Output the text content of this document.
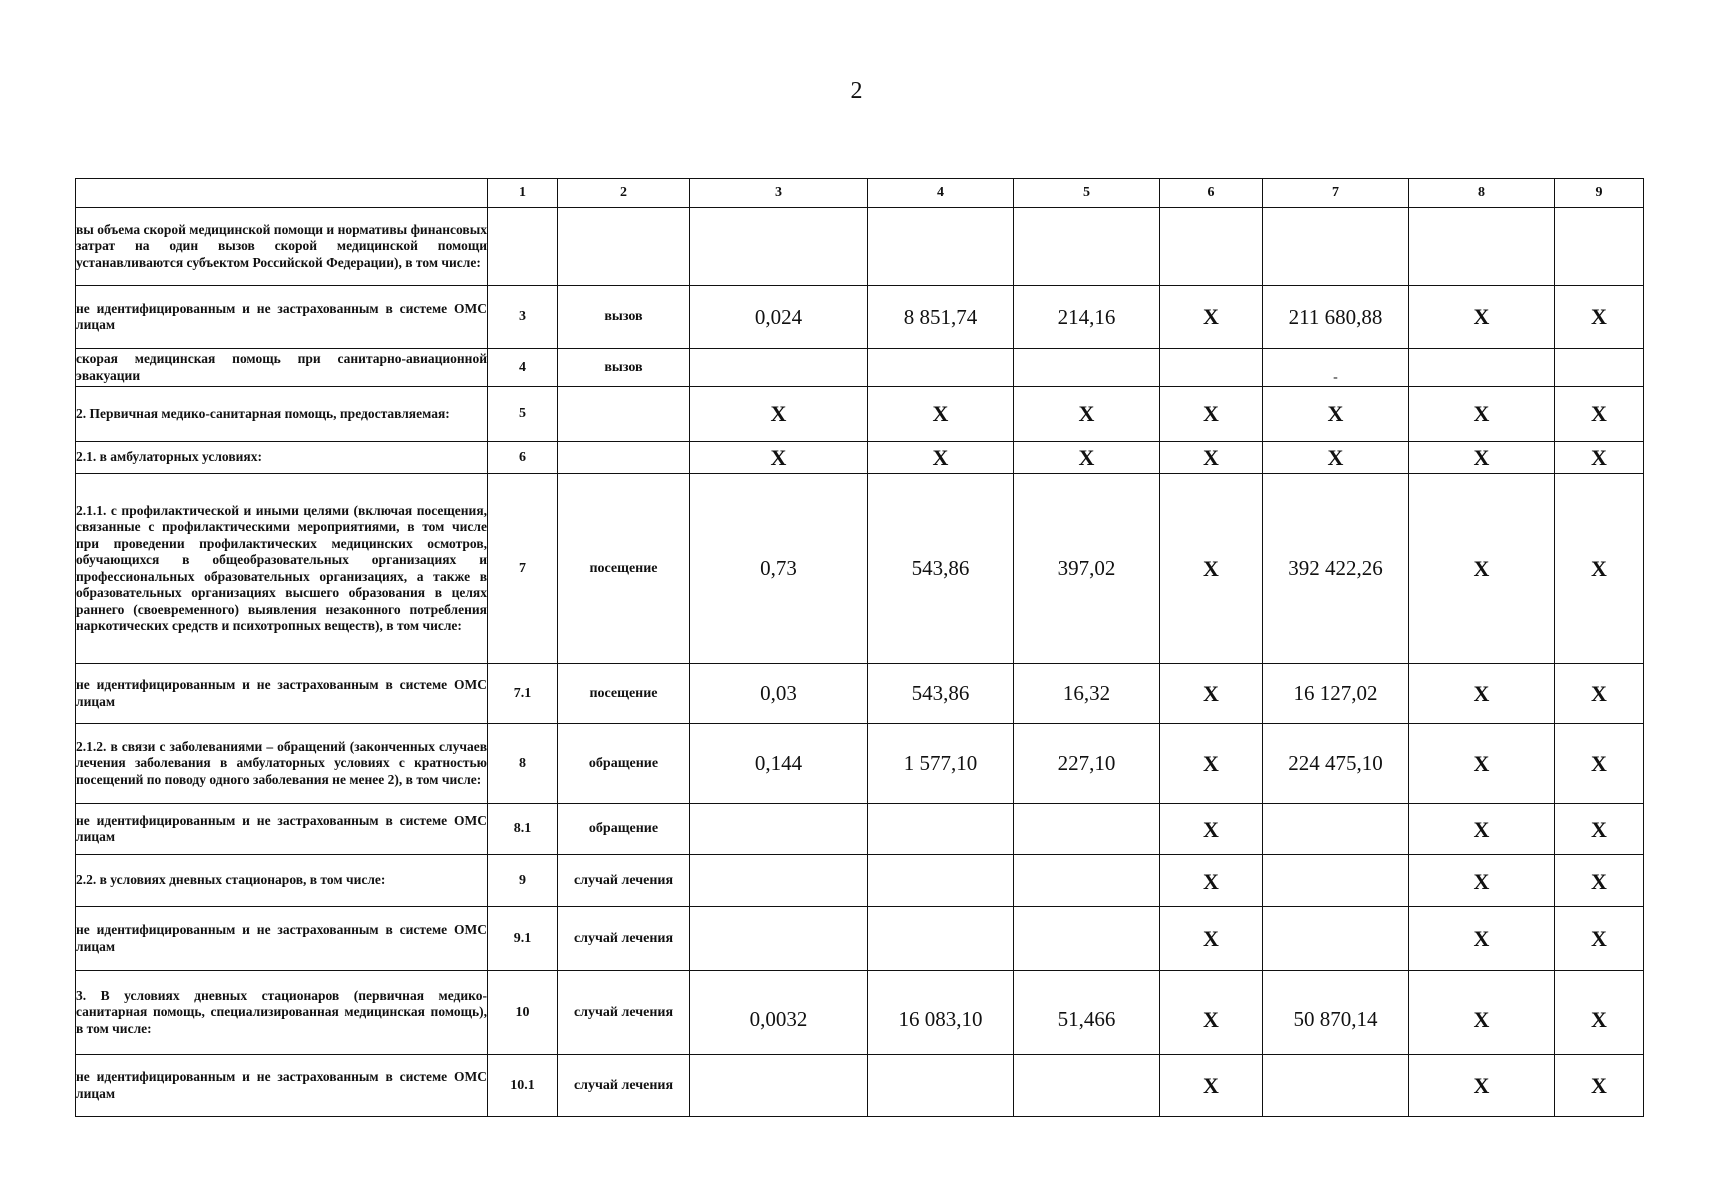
2
	1	2	3	4	5	6	7	8	9
вы объема скорой медицинской помощи и нормативы финансовых затрат на один вызов скорой медицинской помощи устанавливаются субъектом Российской Федерации), в том числе:									
не идентифицированным и не застрахованным в системе ОМС лицам	3	вызов	0,024	8 851,74	214,16	X	211 680,88	X	X
скорая медицинская помощь при санитарно-авиационной эвакуации	4	вызов					-		
2. Первичная медико-санитарная помощь, предоставляемая:	5		X	X	X	X	X	X	X
2.1. в амбулаторных условиях:	6		X	X	X	X	X	X	X
2.1.1. с профилактической и иными целями (включая посещения, связанные с профилактическими мероприятиями, в том числе при проведении профилактических медицинских осмотров, обучающихся в общеобразовательных организациях и профессиональных образовательных организациях, а также в образовательных организациях высшего образования в целях раннего (своевременного) выявления незаконного потребления наркотических средств и психотропных веществ), в том числе:	7	посещение	0,73	543,86	397,02	X	392 422,26	X	X
не идентифицированным и не застрахованным в системе ОМС лицам	7.1	посещение	0,03	543,86	16,32	X	16 127,02	X	X
2.1.2. в связи с заболеваниями – обращений (законченных случаев лечения заболевания в амбулаторных условиях с кратностью посещений по поводу одного заболевания не менее 2), в том числе:	8	обращение	0,144	1 577,10	227,10	X	224 475,10	X	X
не идентифицированным и не застрахованным в системе ОМС лицам	8.1	обращение				X		X	X
2.2. в условиях дневных стационаров, в том числе:	9	случай лечения				X		X	X
не идентифицированным и не застрахованным в системе ОМС лицам	9.1	случай лечения				X		X	X
3. В условиях дневных стационаров (первичная медико-санитарная помощь, специализированная медицинская помощь), в том числе:	10	случай лечения	0,0032	16 083,10	51,466	X	50 870,14	X	X
не идентифицированным и не застрахованным в системе ОМС лицам	10.1	случай лечения				X		X	X
